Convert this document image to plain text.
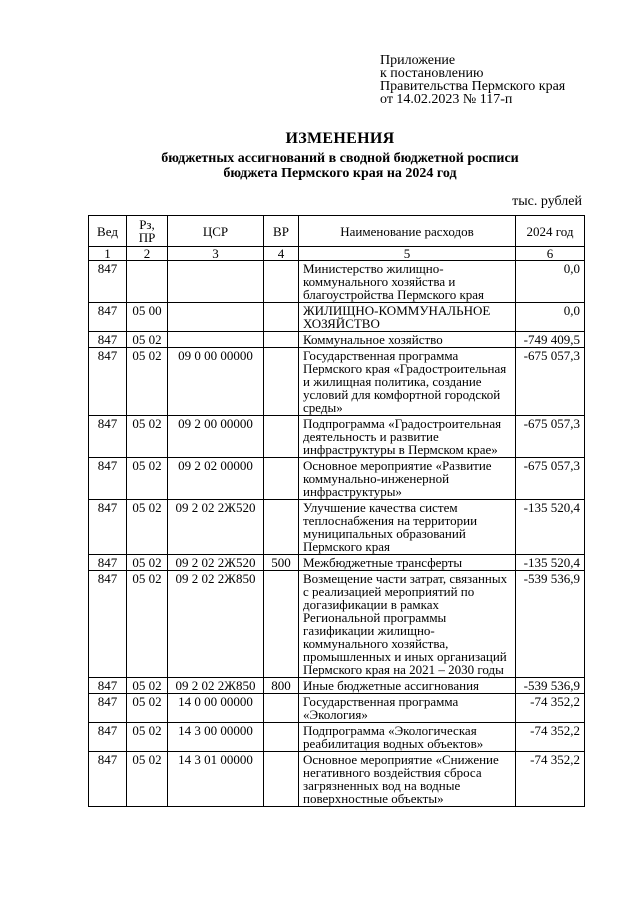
Приложение
к постановлению
Правительства Пермского края
от 14.02.2023 № 117-п
ИЗМЕНЕНИЯ
бюджетных ассигнований в сводной бюджетной росписи
бюджета Пермского края на 2024 год
тыс. рублей
Вед	Рз, ПР	ЦСР	ВР	Наименование расходов	2024 год
1	2	3	4	5	6
847				Министерство жилищно-коммунального хозяйства и благоустройства Пермского края	0,0
847	05 00			ЖИЛИЩНО-КОММУНАЛЬНОЕ ХОЗЯЙСТВО	0,0
847	05 02			Коммунальное хозяйство	-749 409,5
847	05 02	09 0 00 00000		Государственная программа Пермского края «Градостроительная и жилищная политика, создание условий для комфортной городской среды»	-675 057,3
847	05 02	09 2 00 00000		Подпрограмма «Градостроительная деятельность и развитие инфраструктуры в Пермском крае»	-675 057,3
847	05 02	09 2 02 00000		Основное мероприятие «Развитие коммунально-инженерной инфраструктуры»	-675 057,3
847	05 02	09 2 02 2Ж520		Улучшение качества систем теплоснабжения на территории муниципальных образований Пермского края	-135 520,4
847	05 02	09 2 02 2Ж520	500	Межбюджетные трансферты	-135 520,4
847	05 02	09 2 02 2Ж850		Возмещение части затрат, связанных с реализацией мероприятий по догазификации в рамках Региональной программы газификации жилищно-коммунального хозяйства, промышленных и иных организаций Пермского края на 2021 – 2030 годы	-539 536,9
847	05 02	09 2 02 2Ж850	800	Иные бюджетные ассигнования	-539 536,9
847	05 02	14 0 00 00000		Государственная программа «Экология»	-74 352,2
847	05 02	14 3 00 00000		Подпрограмма «Экологическая реабилитация водных объектов»	-74 352,2
847	05 02	14 3 01 00000		Основное мероприятие «Снижение негативного воздействия сброса загрязненных вод на водные поверхностные объекты»	-74 352,2
